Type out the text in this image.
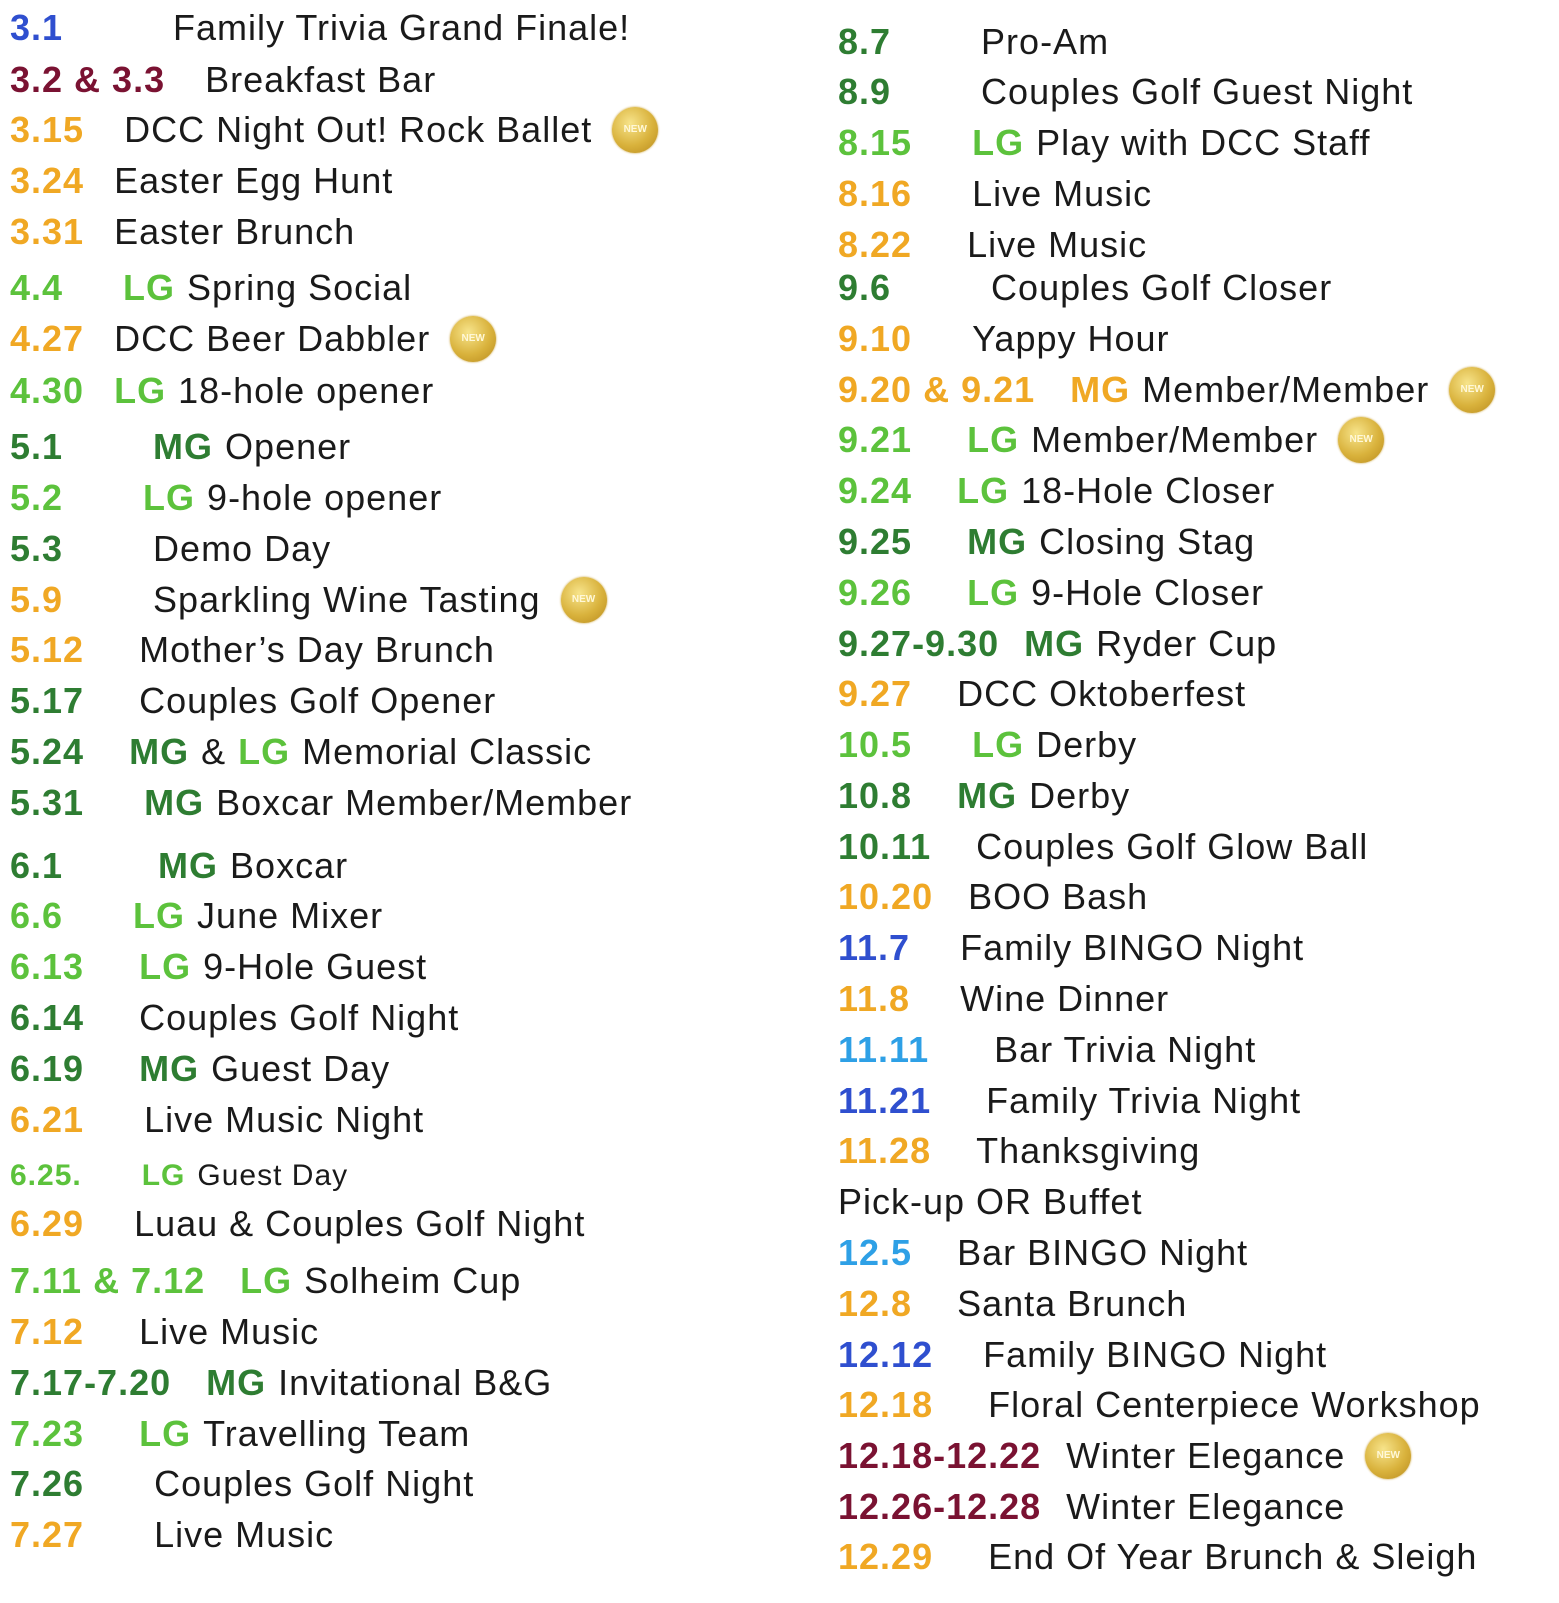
3.1	Family Trivia Grand Finale!
3.2 & 3.3 Breakfast Bar
3.15 DCC Night Out! Rock Ballet	NEW
3.24 Easter Egg Hunt
3.31 Easter Brunch
4.4 LG Spring Social
4.27 DCC Beer Dabbler	NEW
4.30 LG 18-hole opener
5.1	MG Opener
5.2 LG 9-hole opener
5.3	Demo Day
5.9	Sparkling Wine Tasting	NEW
5.12 Mother’s Day Brunch
5.17 Couples Golf Opener
5.24 MG & LG Memorial Classic
5.31 MG Boxcar Member/Member
6.1	MG Boxcar
6.6 LG June Mixer
6.13 LG 9-Hole Guest
6.14 Couples Golf Night
6.19 MG Guest Day
6.21 Live Music Night
6.25. LG Guest Day
6.29 Luau & Couples Golf Night
7.11 & 7.12 LG Solheim Cup
7.12 Live Music
7.17-7.20 MG Invitational B&G
7.23 LG Travelling Team
7.26 Couples Golf Night
7.27 Live Music
8.7	Pro-Am
8.9	Couples Golf Guest Night
8.15 LG Play with DCC Staff
8.16 Live Music
8.22 Live Music
9.6	Couples Golf Closer
9.10 Yappy Hour
9.20 & 9.21 MG Member/Member	NEW
9.21 LG Member/Member	NEW
9.24 LG 18-Hole Closer
9.25 MG Closing Stag
9.26 LG 9-Hole Closer
9.27-9.30 MG Ryder Cup
9.27 DCC Oktoberfest
10.5 LG Derby
10.8 MG Derby
10.11 Couples Golf Glow Ball
10.20 BOO Bash
11.7 Family BINGO Night
11.8 Wine Dinner
11.11 Bar Trivia Night
11.21 Family Trivia Night
11.28 Thanksgiving
Pick-up OR Buffet
12.5 Bar BINGO Night
12.8 Santa Brunch
12.12 Family BINGO Night
12.18 Floral Centerpiece Workshop
12.18-12.22 Winter Elegance	NEW
12.26-12.28 Winter Elegance
12.29 End Of Year Brunch & Sleigh
